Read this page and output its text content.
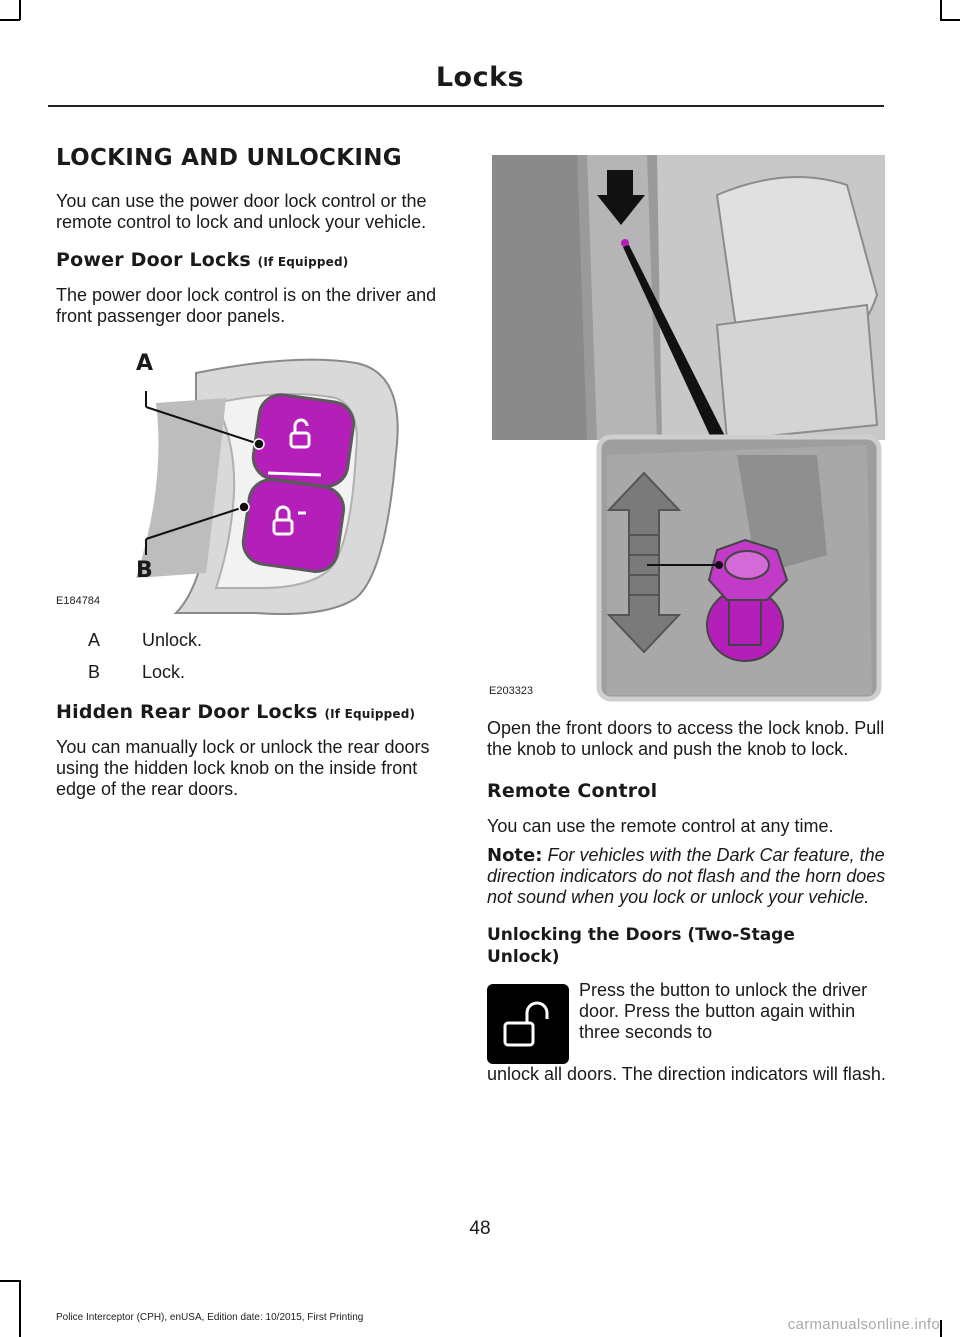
Locks
LOCKING AND UNLOCKING

You can use the power door lock control or the remote control to lock and unlock your vehicle.

Power Door Locks (If Equipped)

The power door lock control is on the driver and front passenger door panels.

A
B
E184784
A	Unlock.
B	Lock.
Hidden Rear Door Locks (If Equipped)

You can manually lock or unlock the rear doors using the hidden lock knob on the inside front edge of the rear doors.

E203323

Open the front doors to access the lock knob. Pull the knob to unlock and push the knob to lock.

Remote Control

You can use the remote control at any time.

Note: For vehicles with the Dark Car feature, the direction indicators do not flash and the horn does not sound when you lock or unlock your vehicle.

Unlocking the Doors (Two-Stage Unlock)

Press the button to unlock the driver door. Press the button again within three seconds to

unlock all doors. The direction indicators will flash.

48
Police Interceptor (CPH), enUSA, Edition date: 10/2015, First Printing	carmanualsonline.info
